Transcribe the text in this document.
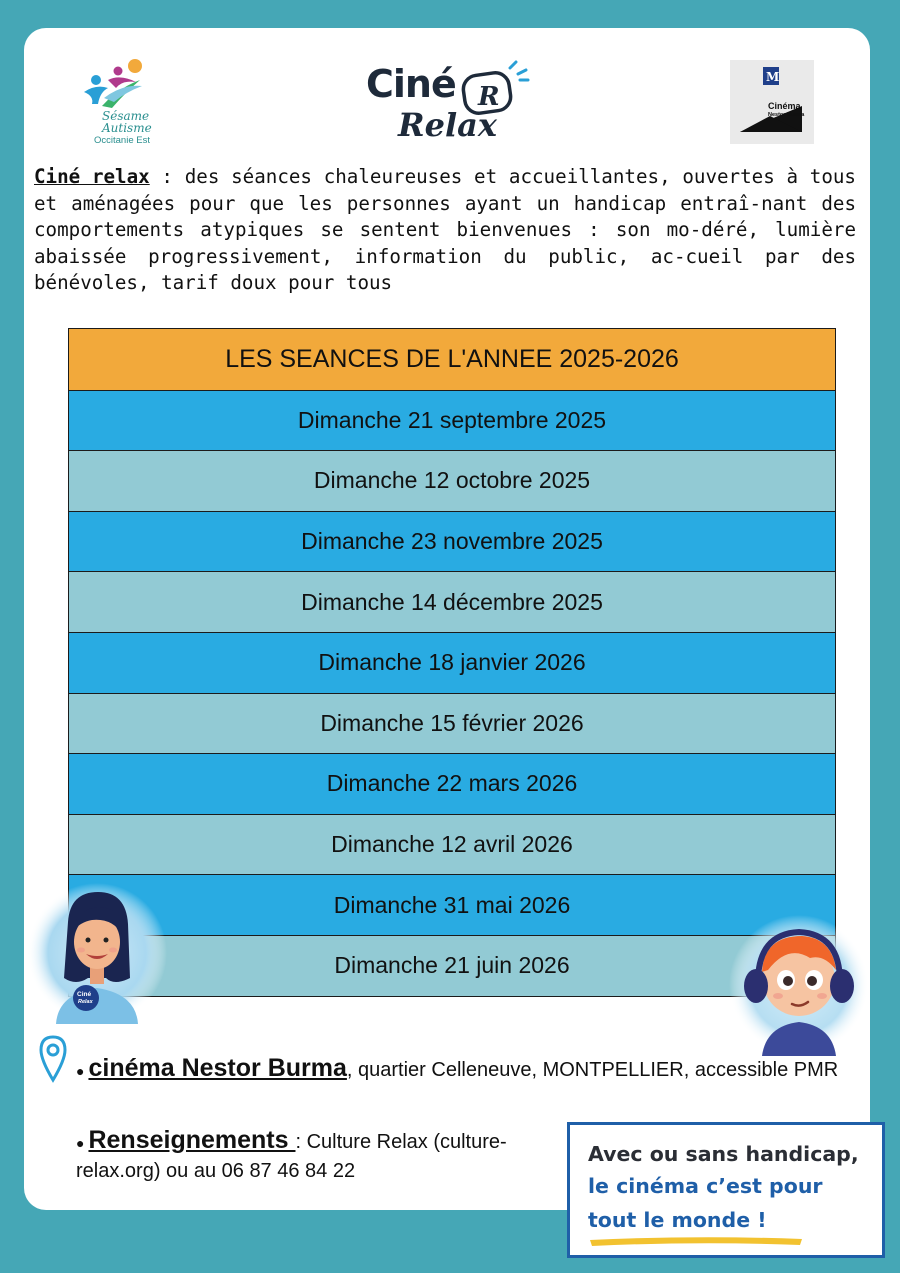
Sésame
Autisme
Occitanie Est
Ciné R
Relax
M
Cinéma
Nestor Burma

Ciné relax : des séances chaleureuses et accueillantes, ouvertes à tous et aménagées pour que les personnes ayant un handicap entraî-nant des comportements atypiques se sentent bienvenues : son mo-déré, lumière abaissée progressivement, information du public, ac-cueil par des bénévoles, tarif doux pour tous

LES SEANCES DE L'ANNEE 2025-2026
Dimanche 21 septembre 2025
Dimanche 12 octobre 2025
Dimanche 23 novembre 2025
Dimanche 14 décembre 2025
Dimanche 18 janvier 2026
Dimanche 15 février 2026
Dimanche 22 mars 2026
Dimanche 12 avril 2026
Dimanche 31 mai 2026
Dimanche 21 juin 2026
Ciné
Relax
● cinéma Nestor Burma, quartier Celleneuve, MONTPELLIER, accessible PMR
● Renseignements : Culture Relax (culture-relax.org) ou au 06 87 46 84 22
Avec ou sans handicap,
le cinéma c’est pour
tout le monde !
